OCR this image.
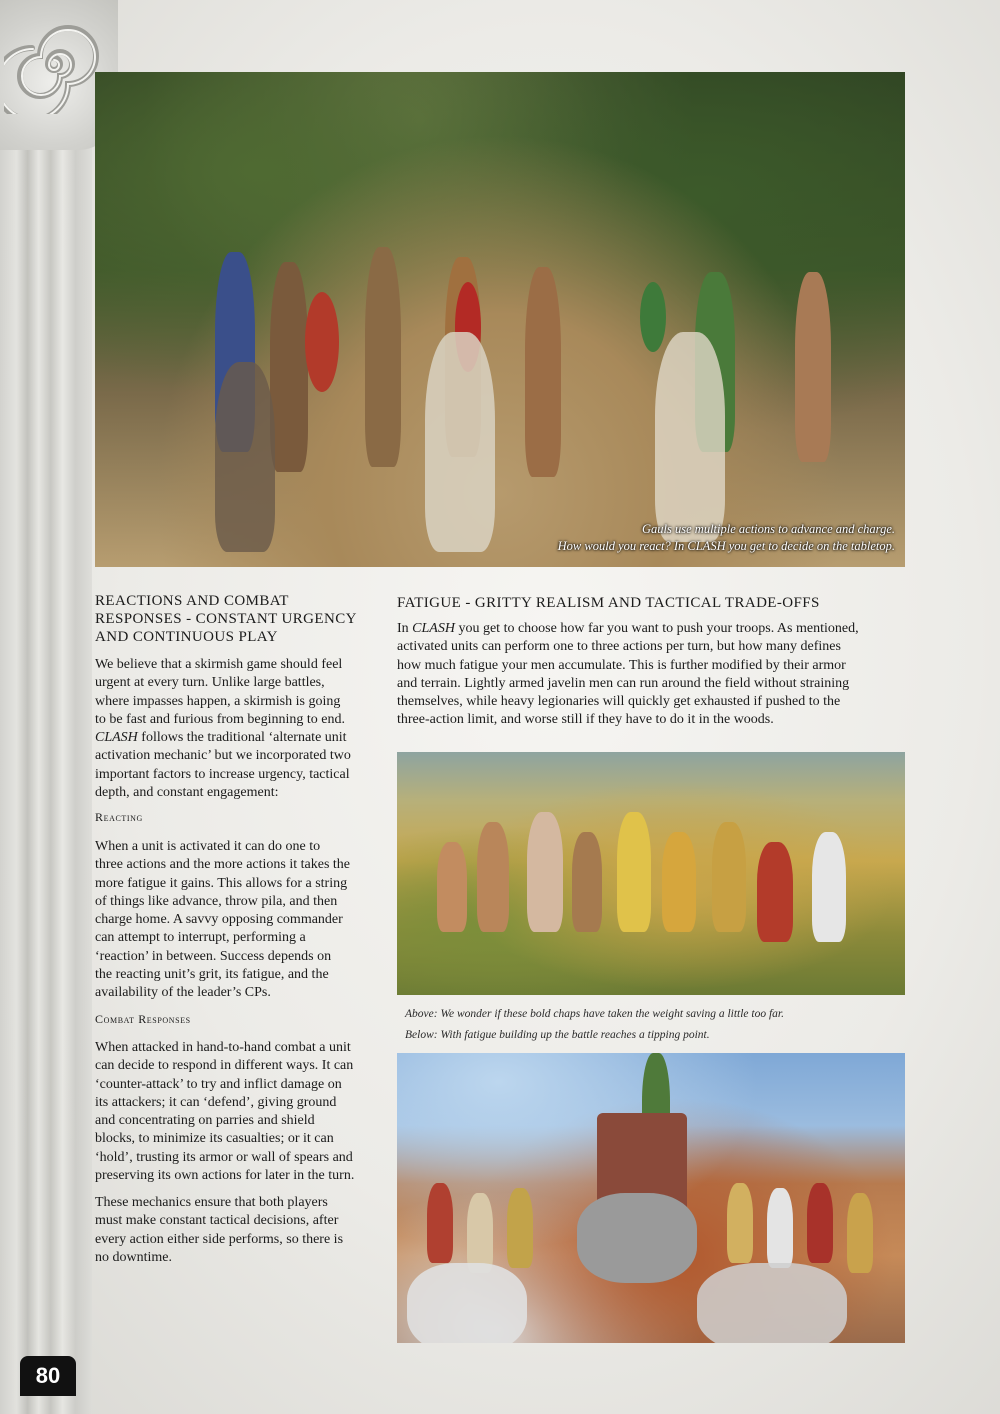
Gauls use multiple actions to advance and charge.
How would you react? In CLASH you get to decide on the tabletop.
REACTIONS AND COMBAT
RESPONSES - CONSTANT URGENCY
AND CONTINUOUS PLAY
We believe that a skirmish game should feel
urgent at every turn. Unlike large battles,
where impasses happen, a skirmish is going
to be fast and furious from beginning to end.
CLASH follows the traditional ‘alternate unit
activation mechanic’ but we incorporated two
important factors to increase urgency, tactical
depth, and constant engagement:
Reacting
When a unit is activated it can do one to
three actions and the more actions it takes the
more fatigue it gains. This allows for a string
of things like advance, throw pila, and then
charge home. A savvy opposing commander
can attempt to interrupt, performing a
‘reaction’ in between. Success depends on
the reacting unit’s grit, its fatigue, and the
availability of the leader’s CPs.
Combat Responses
When attacked in hand-to-hand combat a unit
can decide to respond in different ways. It can
‘counter-attack’ to try and inflict damage on
its attackers; it can ‘defend’, giving ground
and concentrating on parries and shield
blocks, to minimize its casualties; or it can
‘hold’, trusting its armor or wall of spears and
preserving its own actions for later in the turn.
These mechanics ensure that both players
must make constant tactical decisions, after
every action either side performs, so there is
no downtime.
FATIGUE - GRITTY REALISM AND TACTICAL TRADE-OFFS
In CLASH you get to choose how far you want to push your troops. As mentioned,
activated units can perform one to three actions per turn, but how many defines
how much fatigue your men accumulate. This is further modified by their armor
and terrain. Lightly armed javelin men can run around the field without straining
themselves, while heavy legionaries will quickly get exhausted if pushed to the
three-action limit, and worse still if they have to do it in the woods.
Above: We wonder if these bold chaps have taken the weight saving a little too far.
Below: With fatigue building up the battle reaches a tipping point.
80
